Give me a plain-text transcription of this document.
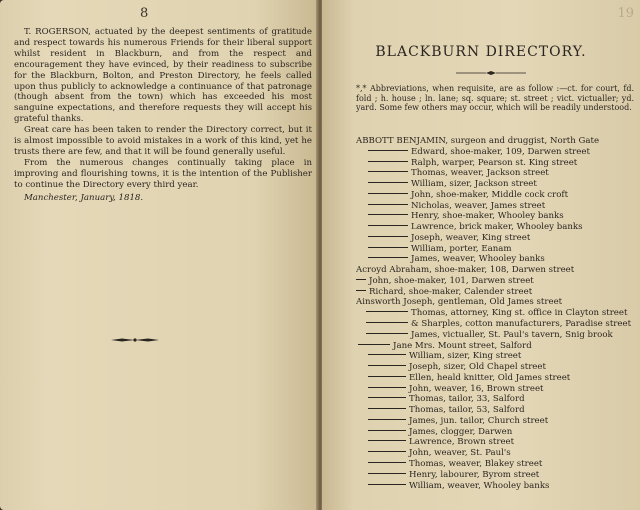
8

T. ROGERSON, actuated by the deepest sentiments of gratitude and respect towards his numerous Friends for their liberal support whilst resident in Blackburn, and from the respect and encouragement they have evinced, by their readiness to subscribe for the Blackburn, Bolton, and Preston Directory, he feels called upon thus publicly to acknowledge a continuance of that patronage (though absent from the town) which has exceeded his most sanguine expectations, and therefore requests they will accept his grateful thanks.

Great care has been taken to render the Directory correct, but it is almost impossible to avoid mistakes in a work of this kind, yet he trusts there are few, and that it will be found generally useful.

From the numerous changes continually taking place in improving and flourishing towns, it is the intention of the Publisher to continue the Directory every third year.

Manchester, January, 1818.

19
BLACKBURN DIRECTORY.
*,* Abbreviations, when requisite, are as follow :—ct. for court, fd. fold ; h. house ; ln. lane; sq. square; st. street ; vict. victualler; yd. yard. Some few others may occur, which will be readily understood.
ABBOTT BENJAMIN, surgeon and druggist, North Gate
Edward, shoe-maker, 109, Darwen street
Ralph, warper, Pearson st. King street
Thomas, weaver, Jackson street
William, sizer, Jackson street
John, shoe-maker, Middle cock croft
Nicholas, weaver, James street
Henry, shoe-maker, Whooley banks
Lawrence, brick maker, Whooley banks
Joseph, weaver, King street
William, porter, Eanam
James, weaver, Whooley banks
Acroyd Abraham, shoe-maker, 108, Darwen street
John, shoe-maker, 101, Darwen street
Richard, shoe-maker, Calender street
Ainsworth Joseph, gentleman, Old James street
Thomas, attorney, King st. office in Clayton street
& Sharples, cotton manufacturers, Paradise street
James, victualler, St. Paul's tavern, Snig brook
Jane Mrs. Mount street, Salford
William, sizer, King street
Joseph, sizer, Old Chapel street
Ellen, heald knitter, Old James street
John, weaver, 16, Brown street
Thomas, tailor, 33, Salford
Thomas, tailor, 53, Salford
James, jun. tailor, Church street
James, clogger, Darwen
Lawrence, Brown street
John, weaver, St. Paul's
Thomas, weaver, Blakey street
Henry, labourer, Byrom street
William, weaver, Whooley banks
